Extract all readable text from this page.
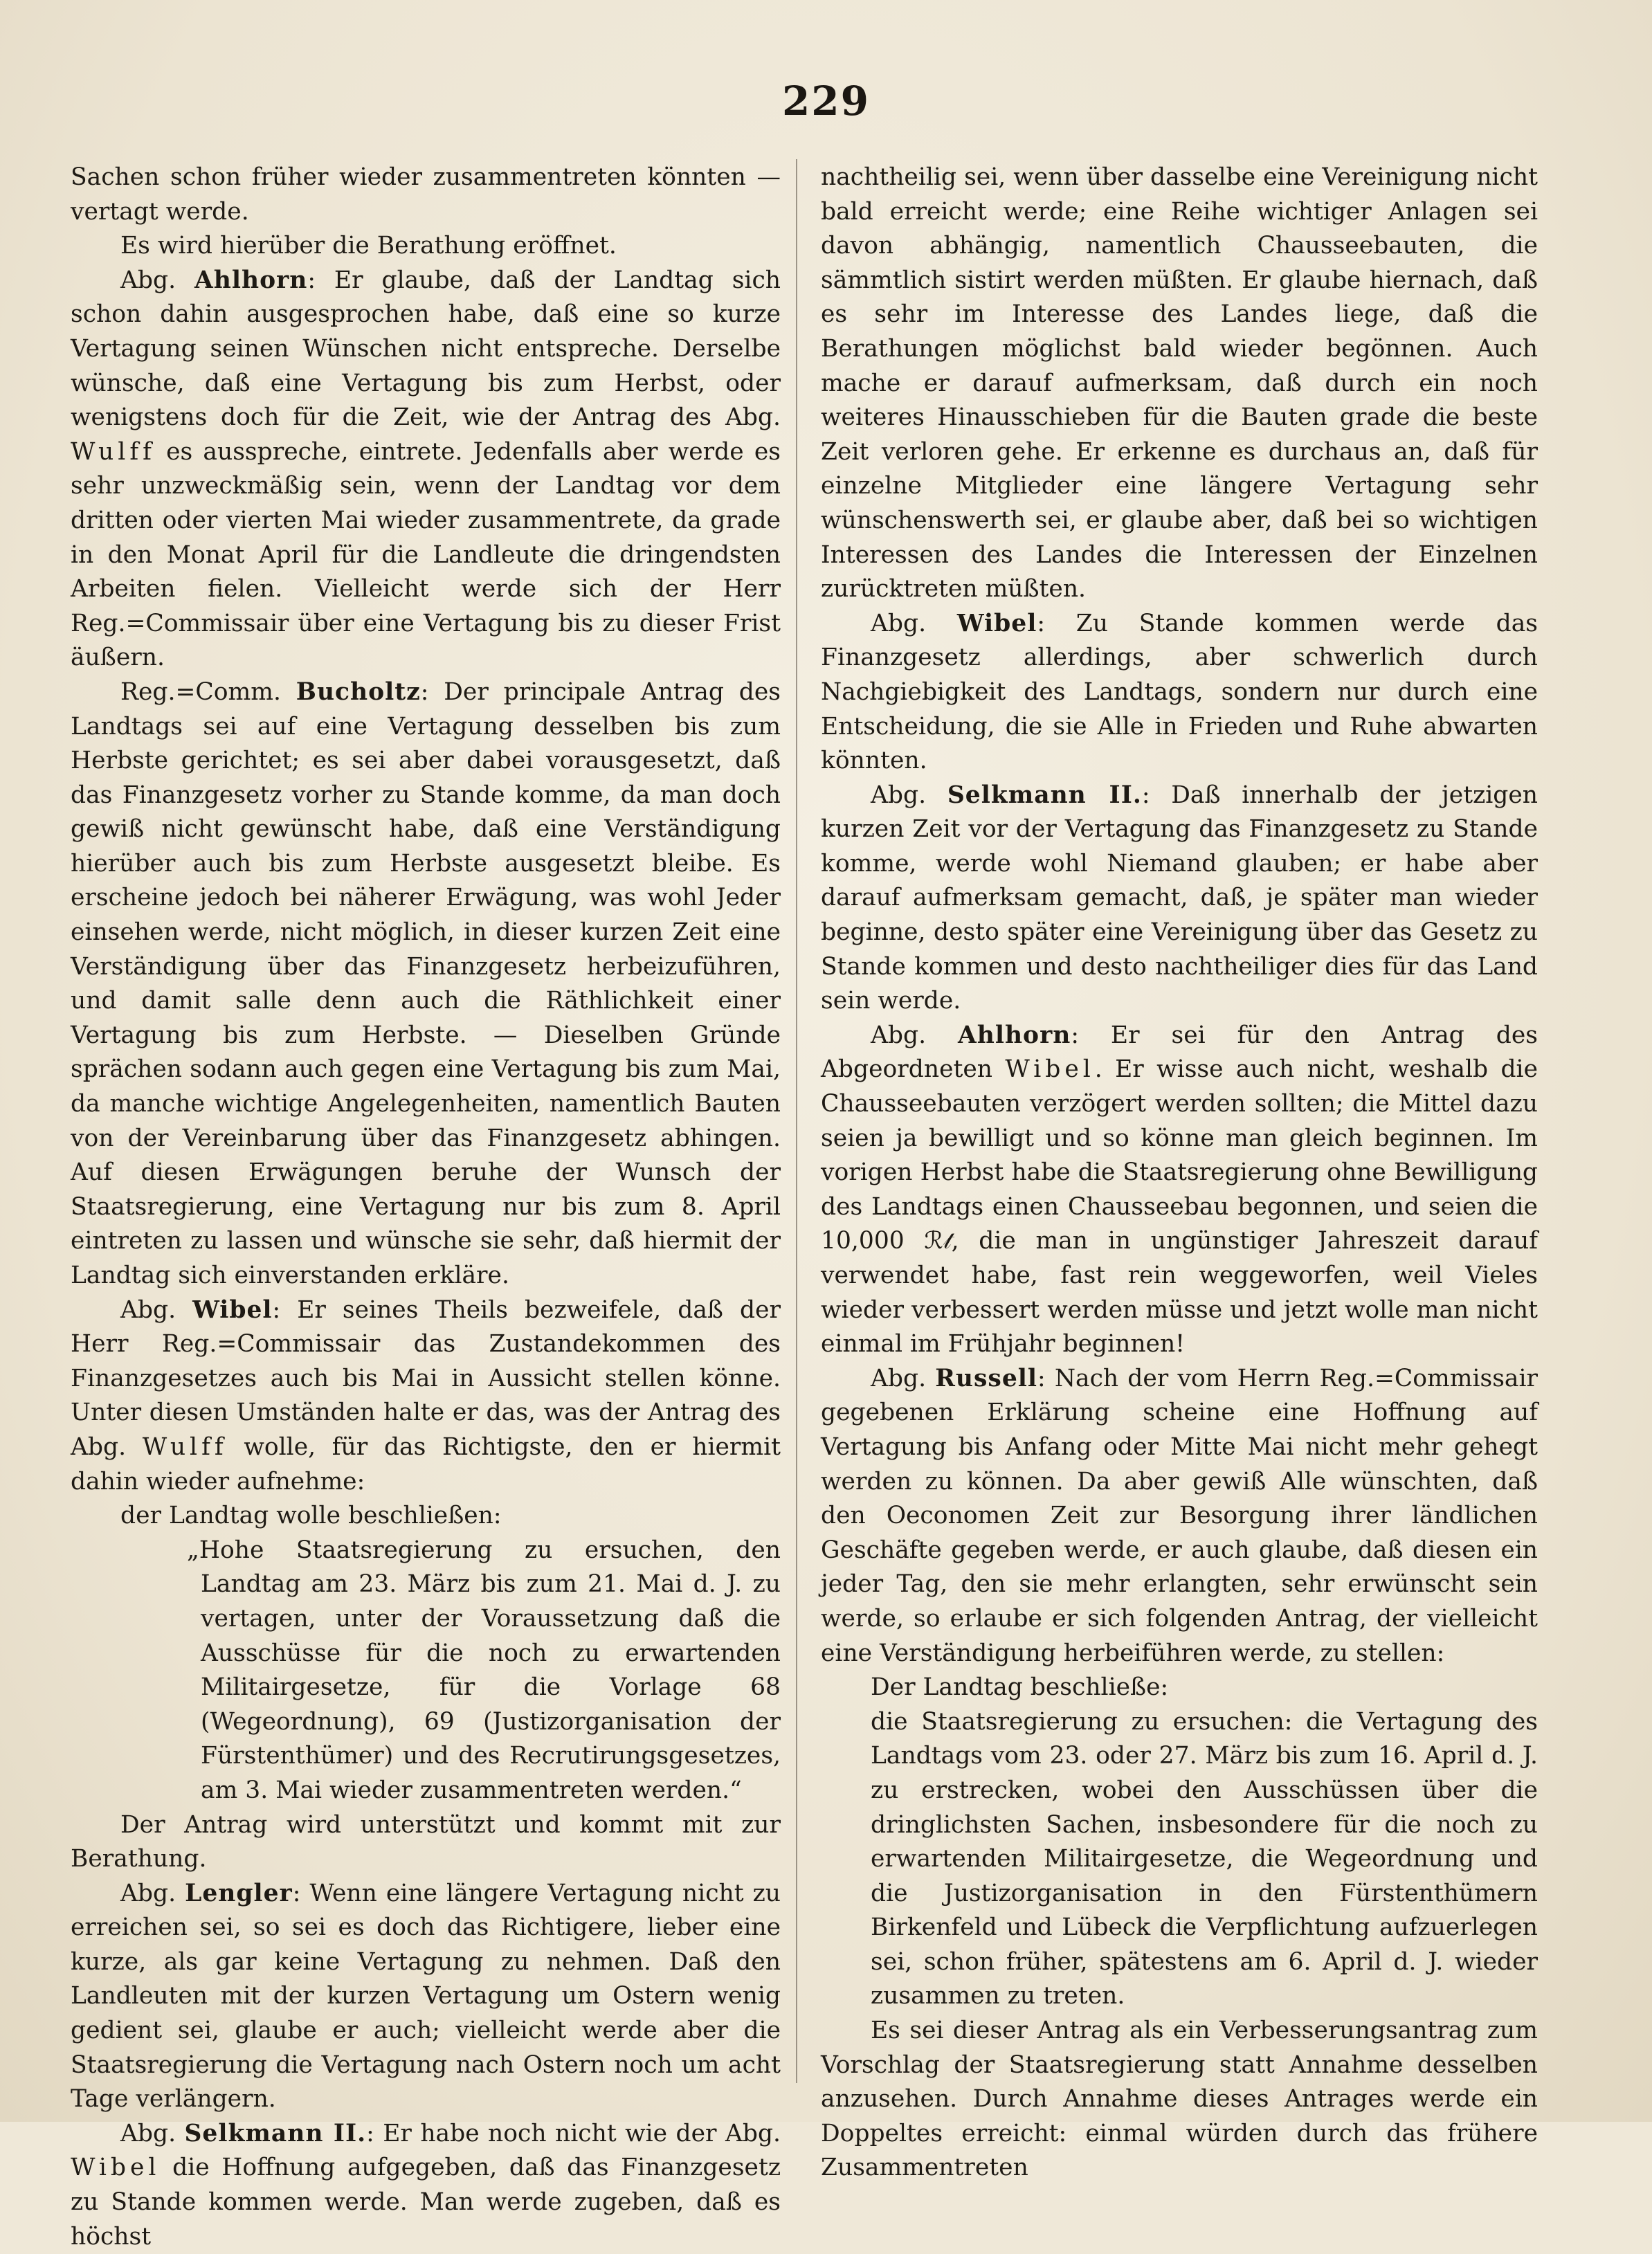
229

Sachen schon früher wieder zusammentreten könnten — vertagt werde.

Es wird hierüber die Berathung eröffnet.

Abg. Ahlhorn: Er glaube, daß der Landtag sich schon dahin ausgesprochen habe, daß eine so kurze Vertagung seinen Wünschen nicht entspreche. Derselbe wünsche, daß eine Vertagung bis zum Herbst, oder wenigstens doch für die Zeit, wie der Antrag des Abg. Wulff es ausspreche, eintrete. Jedenfalls aber werde es sehr unzweckmäßig sein, wenn der Landtag vor dem dritten oder vierten Mai wieder zusammentrete, da grade in den Monat April für die Landleute die dringendsten Arbeiten fielen. Vielleicht werde sich der Herr Reg.=Commissair über eine Vertagung bis zu dieser Frist äußern.

Reg.=Comm. Bucholtz: Der principale Antrag des Landtags sei auf eine Vertagung desselben bis zum Herbste gerichtet; es sei aber dabei vorausgesetzt, daß das Finanzgesetz vorher zu Stande komme, da man doch gewiß nicht gewünscht habe, daß eine Verständigung hierüber auch bis zum Herbste ausgesetzt bleibe. Es erscheine jedoch bei näherer Erwägung, was wohl Jeder einsehen werde, nicht möglich, in dieser kurzen Zeit eine Verständigung über das Finanzgesetz herbeizuführen, und damit salle denn auch die Räthlichkeit einer Vertagung bis zum Herbste. — Dieselben Gründe sprächen sodann auch gegen eine Vertagung bis zum Mai, da manche wichtige Angelegenheiten, namentlich Bauten von der Vereinbarung über das Finanzgesetz abhingen. Auf diesen Erwägungen beruhe der Wunsch der Staatsregierung, eine Vertagung nur bis zum 8. April eintreten zu lassen und wünsche sie sehr, daß hiermit der Landtag sich einverstanden erkläre.

Abg. Wibel: Er seines Theils bezweifele, daß der Herr Reg.=Commissair das Zustandekommen des Finanzgesetzes auch bis Mai in Aussicht stellen könne. Unter diesen Umständen halte er das, was der Antrag des Abg. Wulff wolle, für das Richtigste, den er hiermit dahin wieder aufnehme:

der Landtag wolle beschließen:

„Hohe Staatsregierung zu ersuchen, den Landtag am 23. März bis zum 21. Mai d. J. zu vertagen, unter der Voraussetzung daß die Ausschüsse für die noch zu erwartenden Militairgesetze, für die Vorlage 68 (Wegeordnung), 69 (Justizorganisation der Fürstenthümer) und des Recrutirungsgesetzes, am 3. Mai wieder zusammentreten werden.“

Der Antrag wird unterstützt und kommt mit zur Berathung.

Abg. Lengler: Wenn eine längere Vertagung nicht zu erreichen sei, so sei es doch das Richtigere, lieber eine kurze, als gar keine Vertagung zu nehmen. Daß den Landleuten mit der kurzen Vertagung um Ostern wenig gedient sei, glaube er auch; vielleicht werde aber die Staatsregierung die Vertagung nach Ostern noch um acht Tage verlängern.

Abg. Selkmann II.: Er habe noch nicht wie der Abg. Wibel die Hoffnung aufgegeben, daß das Finanzgesetz zu Stande kommen werde. Man werde zugeben, daß es höchst

nachtheilig sei, wenn über dasselbe eine Vereinigung nicht bald erreicht werde; eine Reihe wichtiger Anlagen sei davon abhängig, namentlich Chausseebauten, die sämmtlich sistirt werden müßten. Er glaube hiernach, daß es sehr im Interesse des Landes liege, daß die Berathungen möglichst bald wieder begönnen. Auch mache er darauf aufmerksam, daß durch ein noch weiteres Hinausschieben für die Bauten grade die beste Zeit verloren gehe. Er erkenne es durchaus an, daß für einzelne Mitglieder eine längere Vertagung sehr wünschenswerth sei, er glaube aber, daß bei so wichtigen Interessen des Landes die Interessen der Einzelnen zurücktreten müßten.

Abg. Wibel: Zu Stande kommen werde das Finanzgesetz allerdings, aber schwerlich durch Nachgiebigkeit des Landtags, sondern nur durch eine Entscheidung, die sie Alle in Frieden und Ruhe abwarten könnten.

Abg. Selkmann II.: Daß innerhalb der jetzigen kurzen Zeit vor der Vertagung das Finanzgesetz zu Stande komme, werde wohl Niemand glauben; er habe aber darauf aufmerksam gemacht, daß, je später man wieder beginne, desto später eine Vereinigung über das Gesetz zu Stande kommen und desto nachtheiliger dies für das Land sein werde.

Abg. Ahlhorn: Er sei für den Antrag des Abgeordneten Wibel. Er wisse auch nicht, weshalb die Chausseebauten verzögert werden sollten; die Mittel dazu seien ja bewilligt und so könne man gleich beginnen. Im vorigen Herbst habe die Staatsregierung ohne Bewilligung des Landtags einen Chausseebau begonnen, und seien die 10,000 ℛ𝓉, die man in ungünstiger Jahreszeit darauf verwendet habe, fast rein weggeworfen, weil Vieles wieder verbessert werden müsse und jetzt wolle man nicht einmal im Frühjahr beginnen!

Abg. Russell: Nach der vom Herrn Reg.=Commissair gegebenen Erklärung scheine eine Hoffnung auf Vertagung bis Anfang oder Mitte Mai nicht mehr gehegt werden zu können. Da aber gewiß Alle wünschten, daß den Oeconomen Zeit zur Besorgung ihrer ländlichen Geschäfte gegeben werde, er auch glaube, daß diesen ein jeder Tag, den sie mehr erlangten, sehr erwünscht sein werde, so erlaube er sich folgenden Antrag, der vielleicht eine Verständigung herbeiführen werde, zu stellen:

Der Landtag beschließe:

die Staatsregierung zu ersuchen: die Vertagung des Landtags vom 23. oder 27. März bis zum 16. April d. J. zu erstrecken, wobei den Ausschüssen über die dringlichsten Sachen, insbesondere für die noch zu erwartenden Militairgesetze, die Wegeordnung und die Justizorganisation in den Fürstenthümern Birkenfeld und Lübeck die Verpflichtung aufzuerlegen sei, schon früher, spätestens am 6. April d. J. wieder zusammen zu treten.

Es sei dieser Antrag als ein Verbesserungsantrag zum Vorschlag der Staatsregierung statt Annahme desselben anzusehen. Durch Annahme dieses Antrages werde ein Doppeltes erreicht: einmal würden durch das frühere Zusammentreten
